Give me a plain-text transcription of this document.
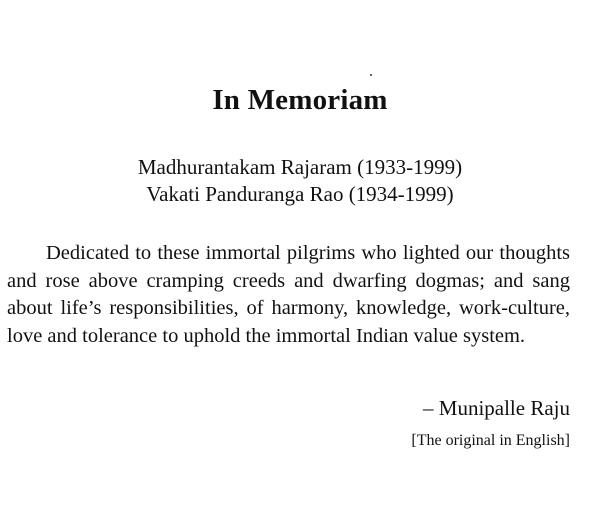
In Memoriam
Madhurantakam Rajaram (1933-1999)
Vakati Panduranga Rao (1934-1999)

Dedicated to these immortal pilgrims who lighted our thoughts and rose above cramping creeds and dwarfing dogmas; and sang about life’s responsibilities, of harmony, knowledge, work-culture, love and tolerance to uphold the immortal Indian value system.

– Munipalle Raju
[The original in English]
